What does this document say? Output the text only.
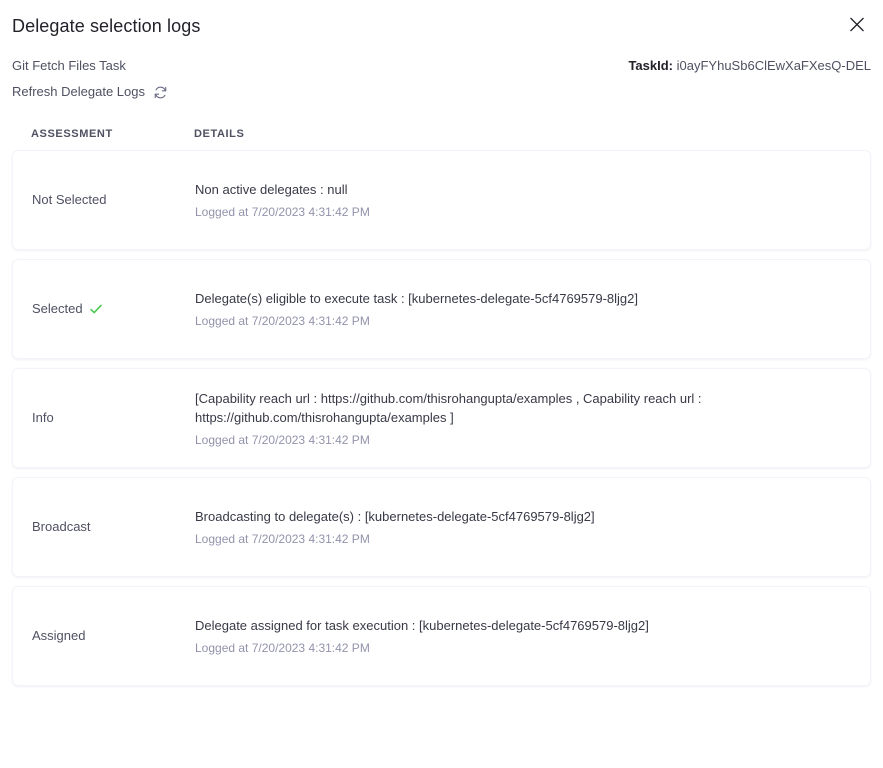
Delegate selection logs
Git Fetch Files Task	TaskId: i0ayFYhuSb6ClEwXaFXesQ-DEL
Refresh Delegate Logs
ASSESSMENT	DETAILS
Not Selected
Non active delegates : null
Logged at 7/20/2023 4:31:42 PM
Selected
Delegate(s) eligible to execute task : [kubernetes-delegate-5cf4769579-8ljg2]
Logged at 7/20/2023 4:31:42 PM
Info
[Capability reach url : https://github.com/thisrohangupta/examples , Capability reach url : https://github.com/thisrohangupta/examples ]
Logged at 7/20/2023 4:31:42 PM
Broadcast
Broadcasting to delegate(s) : [kubernetes-delegate-5cf4769579-8ljg2]
Logged at 7/20/2023 4:31:42 PM
Assigned
Delegate assigned for task execution : [kubernetes-delegate-5cf4769579-8ljg2]
Logged at 7/20/2023 4:31:42 PM
